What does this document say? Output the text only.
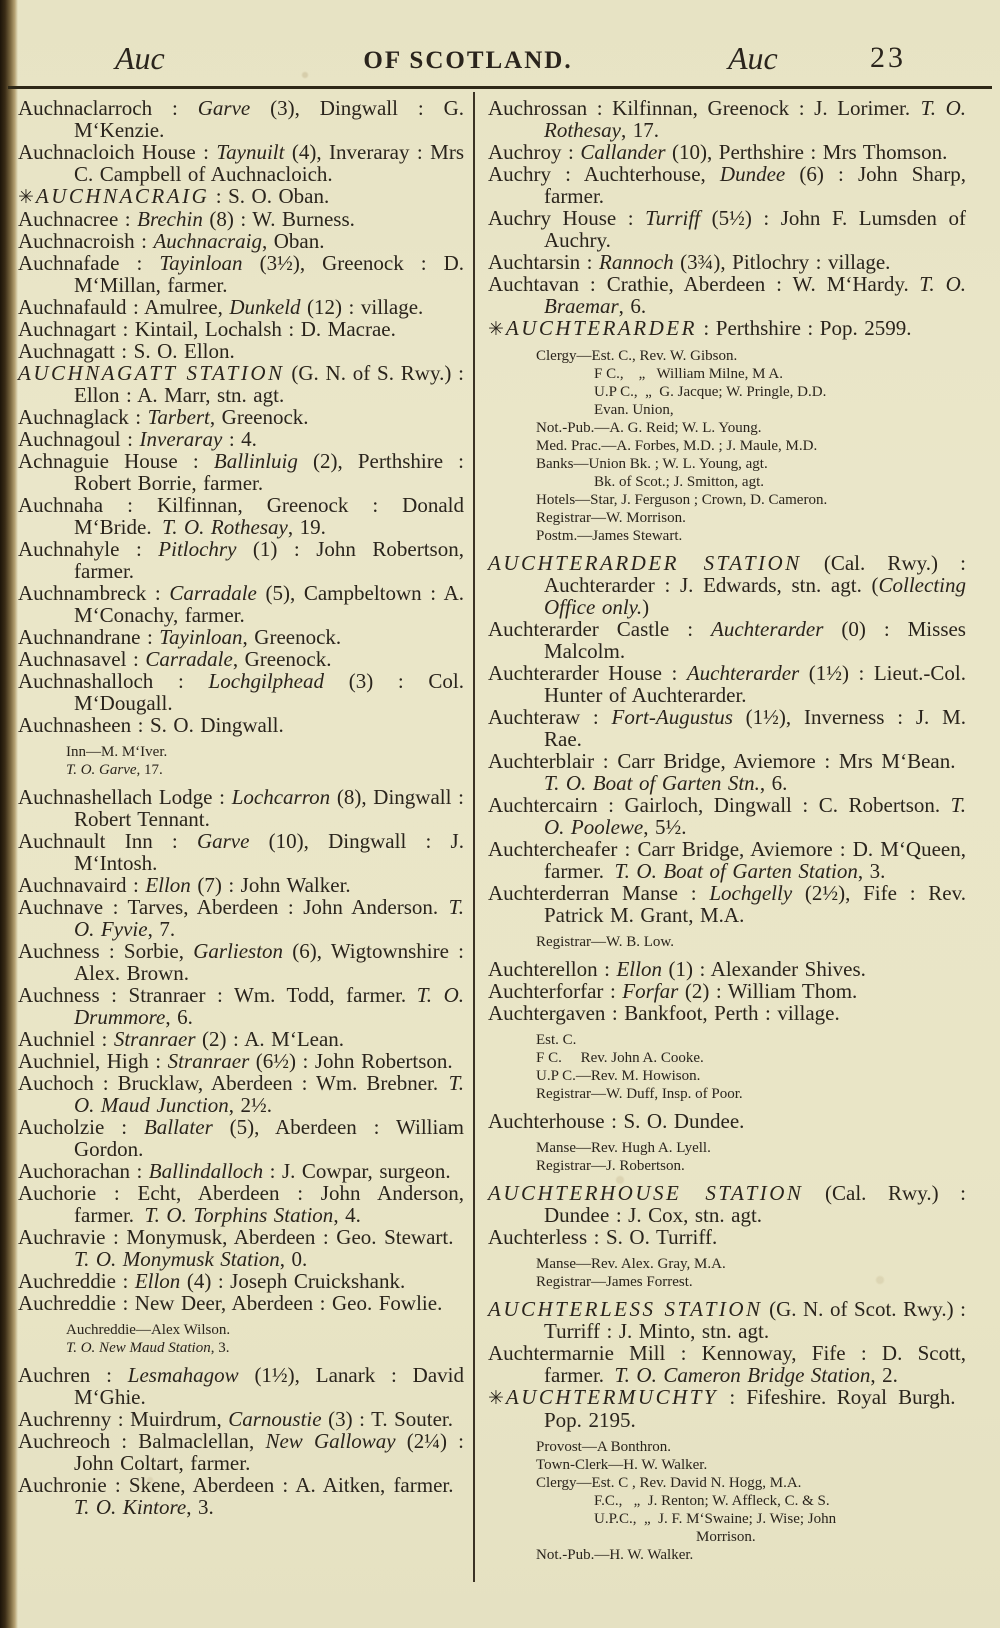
Auc	OF SCOTLAND.	Auc	23

Auchnaclarroch : Garve (3), Dingwall : G. M‘Kenzie.

Auchnacloich House : Taynuilt (4), Inveraray : Mrs C. Campbell of Auchnacloich.

✳AUCHNACRAIG : S. O. Oban.

Auchnacree : Brechin (8) : W. Burness.

Auchnacroish : Auchnacraig, Oban.

Auchnafade : Tayinloan (3½), Greenock : D. M‘Millan, farmer.

Auchnafauld : Amulree, Dunkeld (12) : village.

Auchnagart : Kintail, Lochalsh : D. Macrae.

Auchnagatt : S. O. Ellon.

AUCHNAGATT STATION (G. N. of S. Rwy.) : Ellon : A. Marr, stn. agt.

Auchnaglack : Tarbert, Greenock.

Auchnagoul : Inveraray : 4.

Achnaguie House : Ballinluig (2), Perthshire : Robert Borrie, farmer.

Auchnaha : Kilfinnan, Greenock : Donald M‘Bride. T. O. Rothesay, 19.

Auchnahyle : Pitlochry (1) : John Robertson, farmer.

Auchnambreck : Carradale (5), Campbeltown : A. M‘Conachy, farmer.

Auchnandrane : Tayinloan, Greenock.

Auchnasavel : Carradale, Greenock.

Auchnashalloch : Lochgilphead (3) : Col. M‘Dougall.

Auchnasheen : S. O. Dingwall.

Inn—M. M‘Iver.
T. O. Garve, 17.

Auchnashellach Lodge : Lochcarron (8), Dingwall : Robert Tennant.

Auchnault Inn : Garve (10), Dingwall : J. M‘Intosh.

Auchnavaird : Ellon (7) : John Walker.

Auchnave : Tarves, Aberdeen : John Anderson. T. O. Fyvie, 7.

Auchness : Sorbie, Garlieston (6), Wigtownshire : Alex. Brown.

Auchness : Stranraer : Wm. Todd, farmer. T. O. Drummore, 6.

Auchniel : Stranraer (2) : A. M‘Lean.

Auchniel, High : Stranraer (6½) : John Robertson.

Auchoch : Brucklaw, Aberdeen : Wm. Brebner. T. O. Maud Junction, 2½.

Aucholzie : Ballater (5), Aberdeen : William Gordon.

Auchorachan : Ballindalloch : J. Cowpar, surgeon.

Auchorie : Echt, Aberdeen : John Anderson, farmer. T. O. Torphins Station, 4.

Auchravie : Monymusk, Aberdeen : Geo. Stewart. T. O. Monymusk Station, 0.

Auchreddie : Ellon (4) : Joseph Cruickshank.

Auchreddie : New Deer, Aberdeen : Geo. Fowlie.

Auchreddie—Alex Wilson.
T. O. New Maud Station, 3.

Auchren : Lesmahagow (1½), Lanark : David M‘Ghie.

Auchrenny : Muirdrum, Carnoustie (3) : T. Souter.

Auchreoch : Balmaclellan, New Galloway (2¼) : John Coltart, farmer.

Auchronie : Skene, Aberdeen : A. Aitken, farmer. T. O. Kintore, 3.

Auchrossan : Kilfinnan, Greenock : J. Lorimer. T. O. Rothesay, 17.

Auchroy : Callander (10), Perthshire : Mrs Thomson.

Auchry : Auchterhouse, Dundee (6) : John Sharp, farmer.

Auchry House : Turriff (5½) : John F. Lumsden of Auchry.

Auchtarsin : Rannoch (3¾), Pitlochry : village.

Auchtavan : Crathie, Aberdeen : W. M‘Hardy. T. O. Braemar, 6.

✳AUCHTERARDER : Perthshire : Pop. 2599.

Clergy—Est. C., Rev. W. Gibson.
F C.,    „   William Milne, M A.
U.P C.,  „  G. Jacque; W. Pringle, D.D.
Evan. Union,
Not.-Pub.—A. G. Reid; W. L. Young.
Med. Prac.—A. Forbes, M.D. ; J. Maule, M.D.
Banks—Union Bk. ; W. L. Young, agt.
Bk. of Scot.; J. Smitton, agt.
Hotels—Star, J. Ferguson ; Crown, D. Cameron.
Registrar—W. Morrison.
Postm.—James Stewart.

AUCHTERARDER STATION (Cal. Rwy.) : Auchterarder : J. Edwards, stn. agt. (Collecting Office only.)

Auchterarder Castle : Auchterarder (0) : Misses Malcolm.

Auchterarder House : Auchterarder (1½) : Lieut.-Col. Hunter of Auchterarder.

Auchteraw : Fort-Augustus (1½), Inverness : J. M. Rae.

Auchterblair : Carr Bridge, Aviemore : Mrs M‘Bean. T. O. Boat of Garten Stn., 6.

Auchtercairn : Gairloch, Dingwall : C. Robertson. T. O. Poolewe, 5½.

Auchtercheafer : Carr Bridge, Aviemore : D. M‘Queen, farmer. T. O. Boat of Garten Station, 3.

Auchterderran Manse : Lochgelly (2½), Fife : Rev. Patrick M. Grant, M.A.

Registrar—W. B. Low.

Auchterellon : Ellon (1) : Alexander Shives.

Auchterforfar : Forfar (2) : William Thom.

Auchtergaven : Bankfoot, Perth : village.

Est. C.
F C.     Rev. John A. Cooke.
U.P C.—Rev. M. Howison.
Registrar—W. Duff, Insp. of Poor.

Auchterhouse : S. O. Dundee.

Manse—Rev. Hugh A. Lyell.
Registrar—J. Robertson.

AUCHTERHOUSE STATION (Cal. Rwy.) : Dundee : J. Cox, stn. agt.

Auchterless : S. O. Turriff.

Manse—Rev. Alex. Gray, M.A.
Registrar—James Forrest.

AUCHTERLESS STATION (G. N. of Scot. Rwy.) : Turriff : J. Minto, stn. agt.

Auchtermarnie Mill : Kennoway, Fife : D. Scott, farmer. T. O. Cameron Bridge Station, 2.

✳AUCHTERMUCHTY : Fifeshire. Royal Burgh. Pop. 2195.

Provost—A Bonthron.
Town-Clerk—H. W. Walker.
Clergy—Est. C , Rev. David N. Hogg, M.A.
F.C.,   „  J. Renton; W. Affleck, C. & S.
U.P.C.,  „  J. F. M‘Swaine; J. Wise; John
Morrison.
Not.-Pub.—H. W. Walker.
